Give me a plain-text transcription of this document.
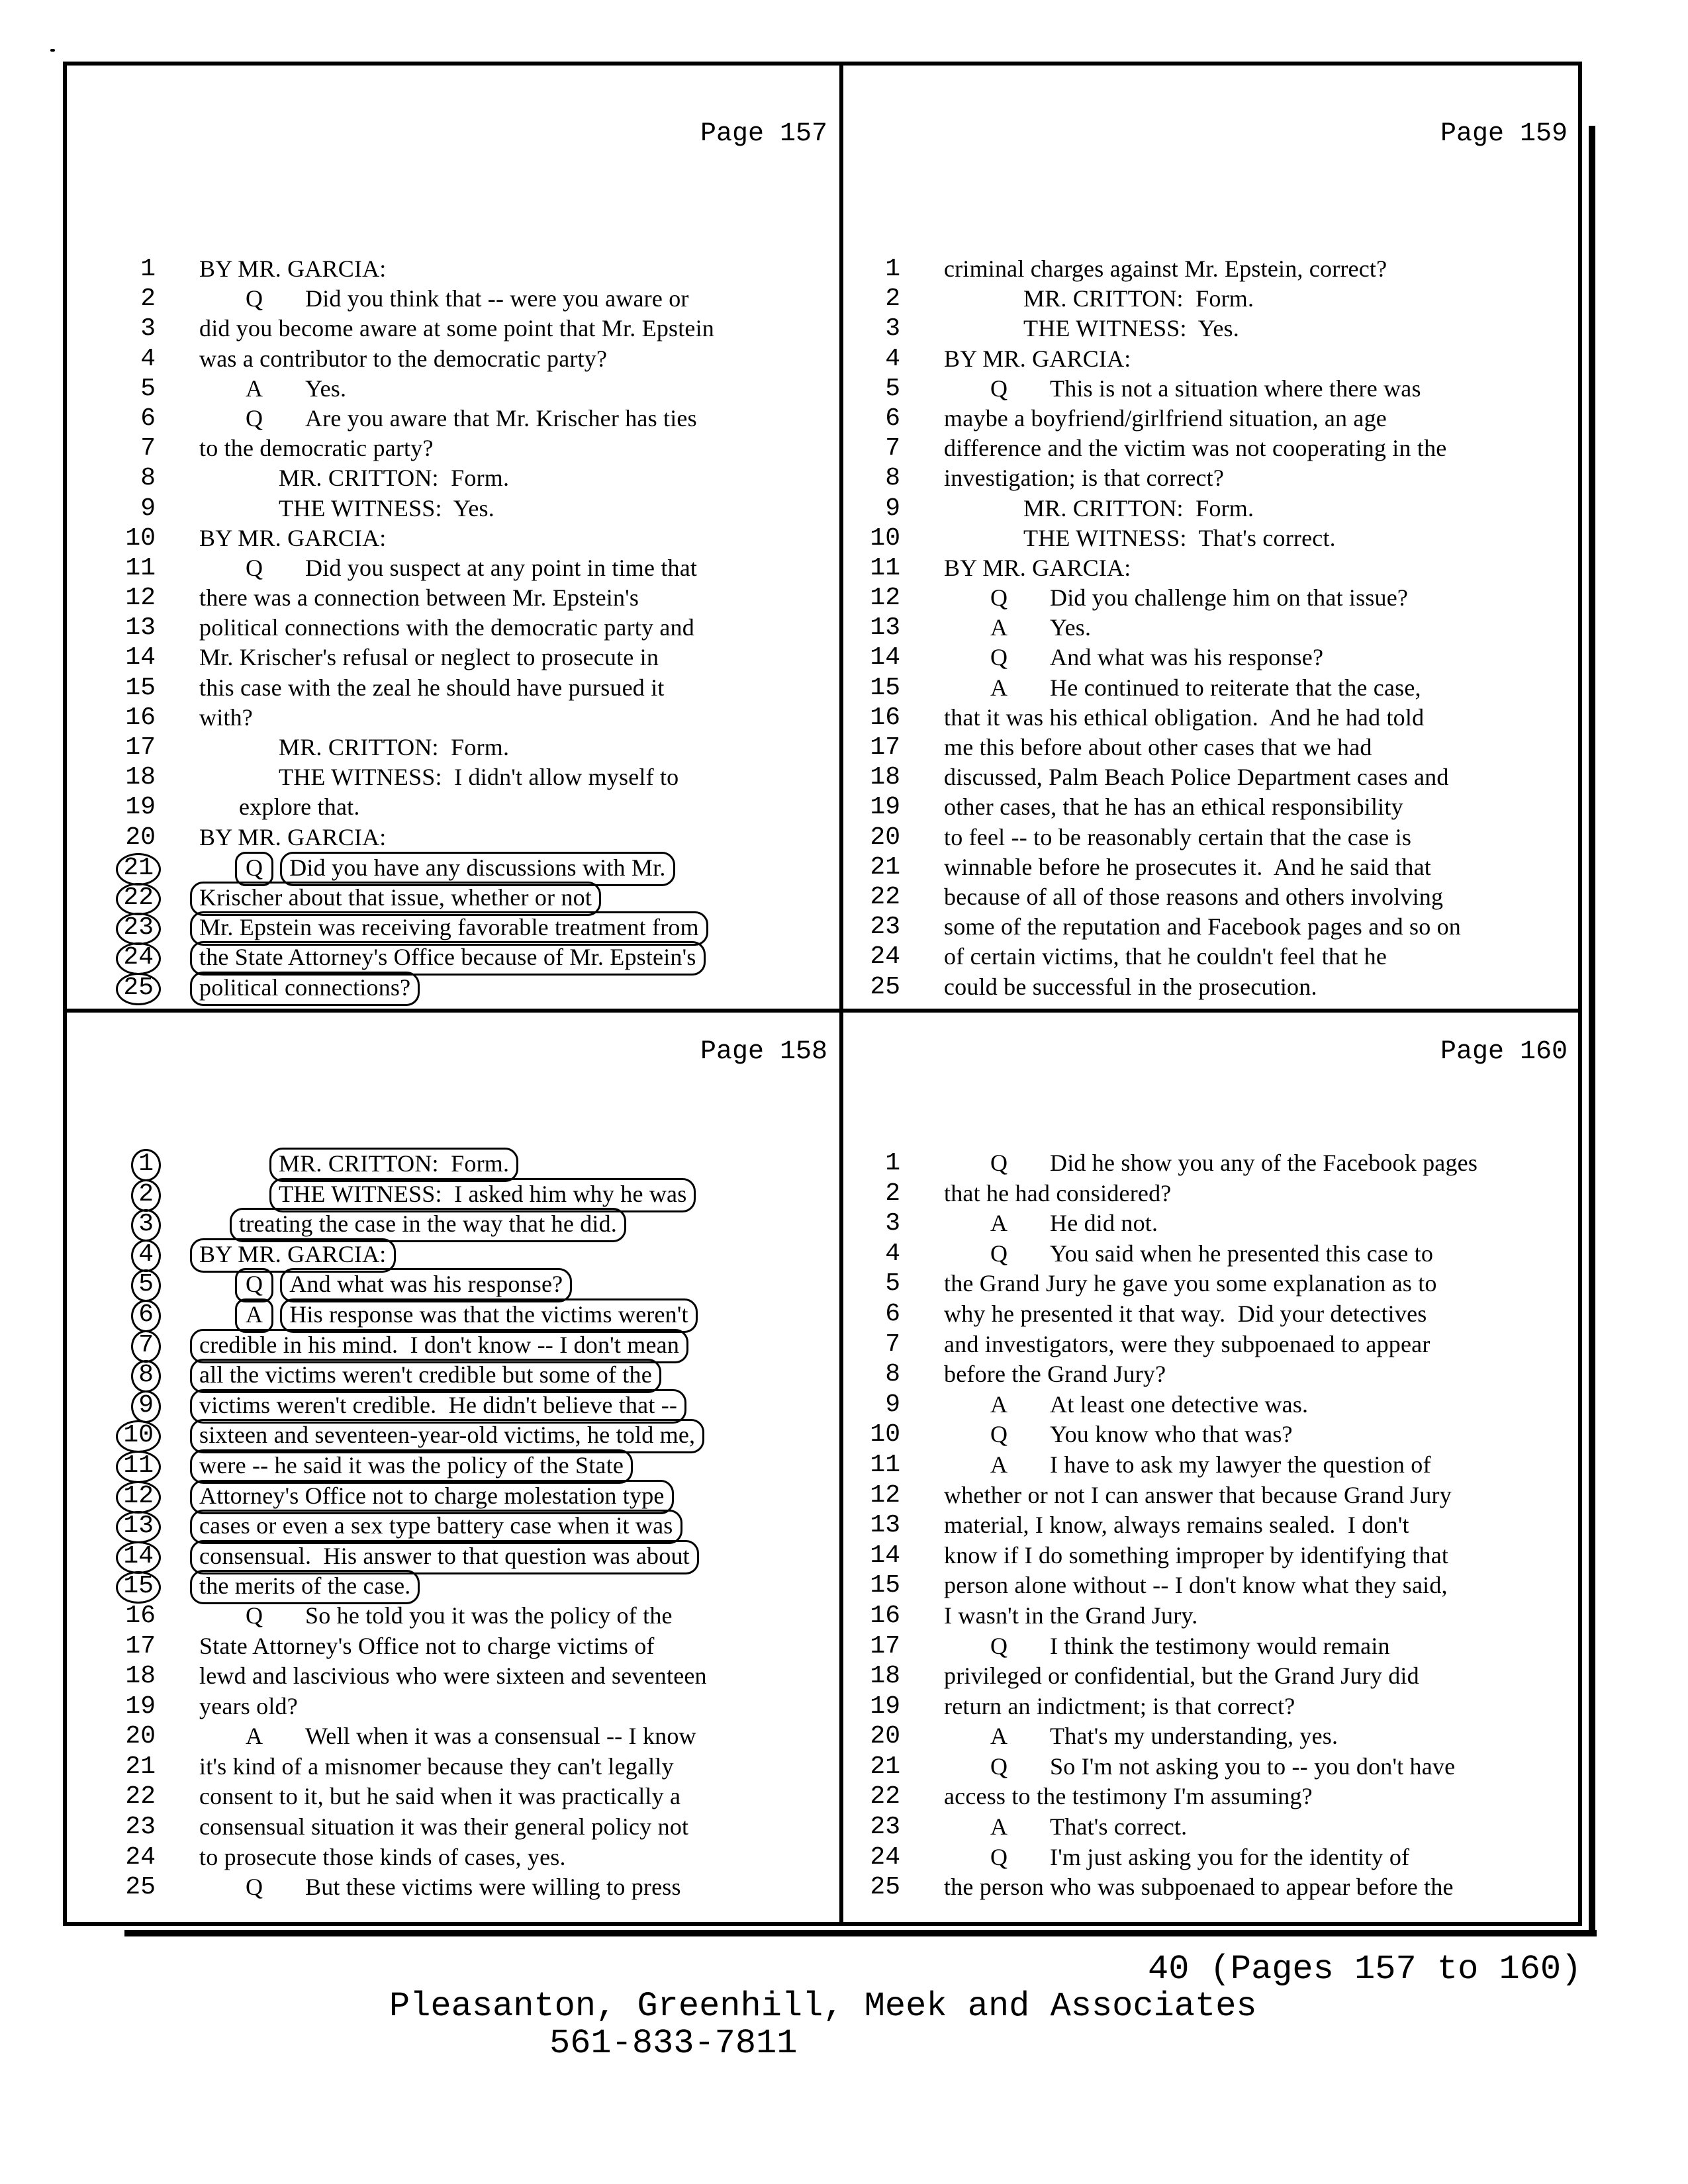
Page 157
1 BY MR. GARCIA:
2	Q Did you think that -- were you aware or
3 did you become aware at some point that Mr. Epstein
4 was a contributor to the democratic party?
5	A Yes.
6	Q Are you aware that Mr. Krischer has ties
7 to the democratic party?
8	MR. CRITTON:  Form.
9	THE WITNESS:  Yes.
10 BY MR. GARCIA:
11	Q Did you suspect at any point in time that
12 there was a connection between Mr. Epstein's
13 political connections with the democratic party and
14 Mr. Krischer's refusal or neglect to prosecute in
15 this case with the zeal he should have pursued it
16 with?
17	MR. CRITTON:  Form.
18	THE WITNESS:  I didn't allow myself to
19	explore that.
20 BY MR. GARCIA:
21	Q Did you have any discussions with Mr.
22 Krischer about that issue, whether or not
23 Mr. Epstein was receiving favorable treatment from
24 the State Attorney's Office because of Mr. Epstein's
25 political connections?
Page 159
1 criminal charges against Mr. Epstein, correct?
2	MR. CRITTON:  Form.
3	THE WITNESS:  Yes.
4 BY MR. GARCIA:
5	Q This is not a situation where there was
6 maybe a boyfriend/girlfriend situation, an age
7 difference and the victim was not cooperating in the
8 investigation; is that correct?
9	MR. CRITTON:  Form.
10	THE WITNESS:  That's correct.
11 BY MR. GARCIA:
12	Q Did you challenge him on that issue?
13	A Yes.
14	Q And what was his response?
15	A He continued to reiterate that the case,
16 that it was his ethical obligation.  And he had told
17 me this before about other cases that we had
18 discussed, Palm Beach Police Department cases and
19 other cases, that he has an ethical responsibility
20 to feel -- to be reasonably certain that the case is
21 winnable before he prosecutes it.  And he said that
22 because of all of those reasons and others involving
23 some of the reputation and Facebook pages and so on
24 of certain victims, that he couldn't feel that he
25 could be successful in the prosecution.
Page 158
1	MR. CRITTON:  Form.
2	THE WITNESS:  I asked him why he was
3	treating the case in the way that he did.
4 BY MR. GARCIA:
5	Q And what was his response?
6	A His response was that the victims weren't
7 credible in his mind.  I don't know -- I don't mean
8 all the victims weren't credible but some of the
9 victims weren't credible.  He didn't believe that --
10 sixteen and seventeen-year-old victims, he told me,
11 were -- he said it was the policy of the State
12 Attorney's Office not to charge molestation type
13 cases or even a sex type battery case when it was
14 consensual.  His answer to that question was about
15 the merits of the case.
16	Q So he told you it was the policy of the
17 State Attorney's Office not to charge victims of
18 lewd and lascivious who were sixteen and seventeen
19 years old?
20	A Well when it was a consensual -- I know
21 it's kind of a misnomer because they can't legally
22 consent to it, but he said when it was practically a
23 consensual situation it was their general policy not
24 to prosecute those kinds of cases, yes.
25	Q But these victims were willing to press
Page 160
1	Q Did he show you any of the Facebook pages
2 that he had considered?
3	A He did not.
4	Q You said when he presented this case to
5 the Grand Jury he gave you some explanation as to
6 why he presented it that way.  Did your detectives
7 and investigators, were they subpoenaed to appear
8 before the Grand Jury?
9	A At least one detective was.
10	Q You know who that was?
11	A I have to ask my lawyer the question of
12 whether or not I can answer that because Grand Jury
13 material, I know, always remains sealed.  I don't
14 know if I do something improper by identifying that
15 person alone without -- I don't know what they said,
16 I wasn't in the Grand Jury.
17	Q I think the testimony would remain
18 privileged or confidential, but the Grand Jury did
19 return an indictment; is that correct?
20	A That's my understanding, yes.
21	Q So I'm not asking you to -- you don't have
22 access to the testimony I'm assuming?
23	A That's correct.
24	Q I'm just asking you for the identity of
25 the person who was subpoenaed to appear before the
40 (Pages 157 to 160)
Pleasanton, Greenhill, Meek and Associates
561-833-7811
